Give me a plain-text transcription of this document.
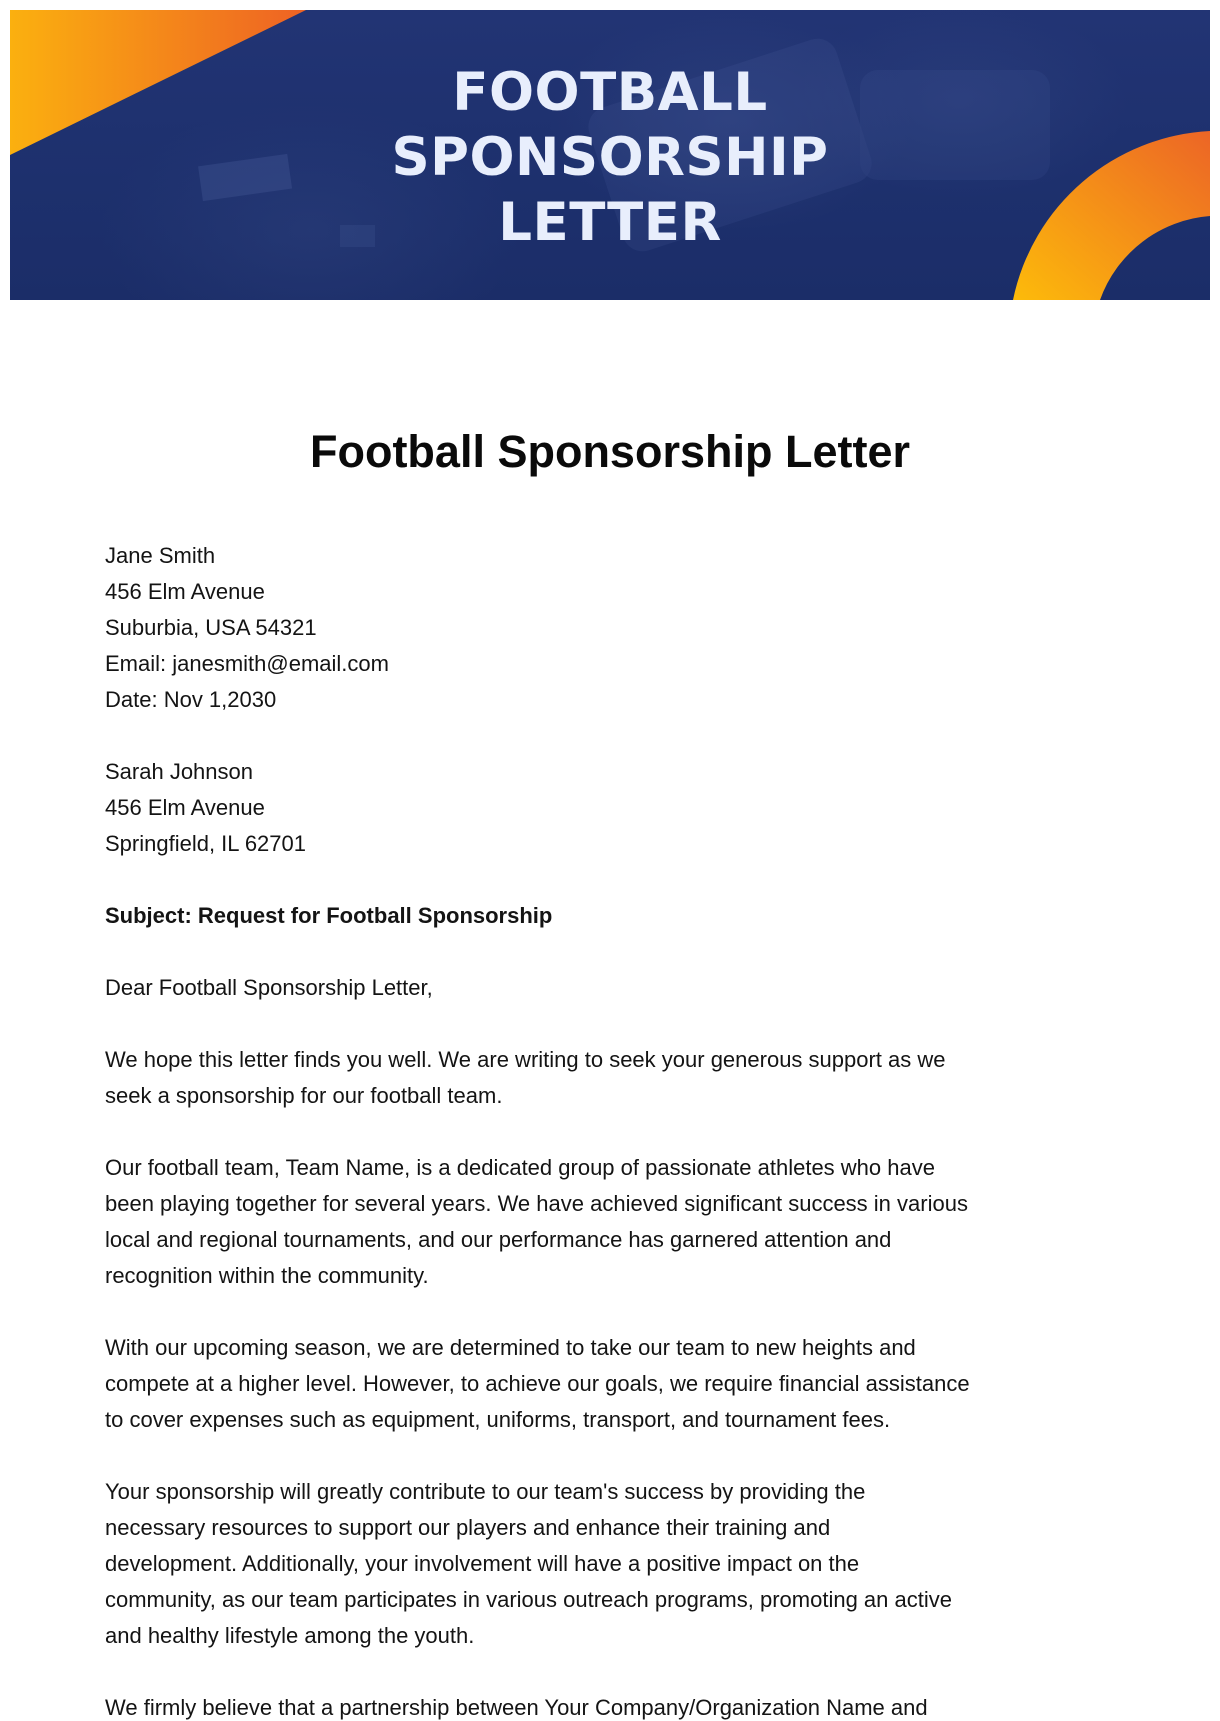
FOOTBALL
SPONSORSHIP
LETTER
Football Sponsorship Letter
Jane Smith
456 Elm Avenue
Suburbia, USA 54321
Email: janesmith@email.com
Date: Nov 1,2030
Sarah Johnson
456 Elm Avenue
Springfield, IL 62701
Subject: Request for Football Sponsorship
Dear Football Sponsorship Letter,
We hope this letter finds you well. We are writing to seek your generous support as we
seek a sponsorship for our football team.
Our football team, Team Name, is a dedicated group of passionate athletes who have
been playing together for several years. We have achieved significant success in various
local and regional tournaments, and our performance has garnered attention and
recognition within the community.
With our upcoming season, we are determined to take our team to new heights and
compete at a higher level. However, to achieve our goals, we require financial assistance
to cover expenses such as equipment, uniforms, transport, and tournament fees.
Your sponsorship will greatly contribute to our team's success by providing the
necessary resources to support our players and enhance their training and
development. Additionally, your involvement will have a positive impact on the
community, as our team participates in various outreach programs, promoting an active
and healthy lifestyle among the youth.
We firmly believe that a partnership between Your Company/Organization Name and
